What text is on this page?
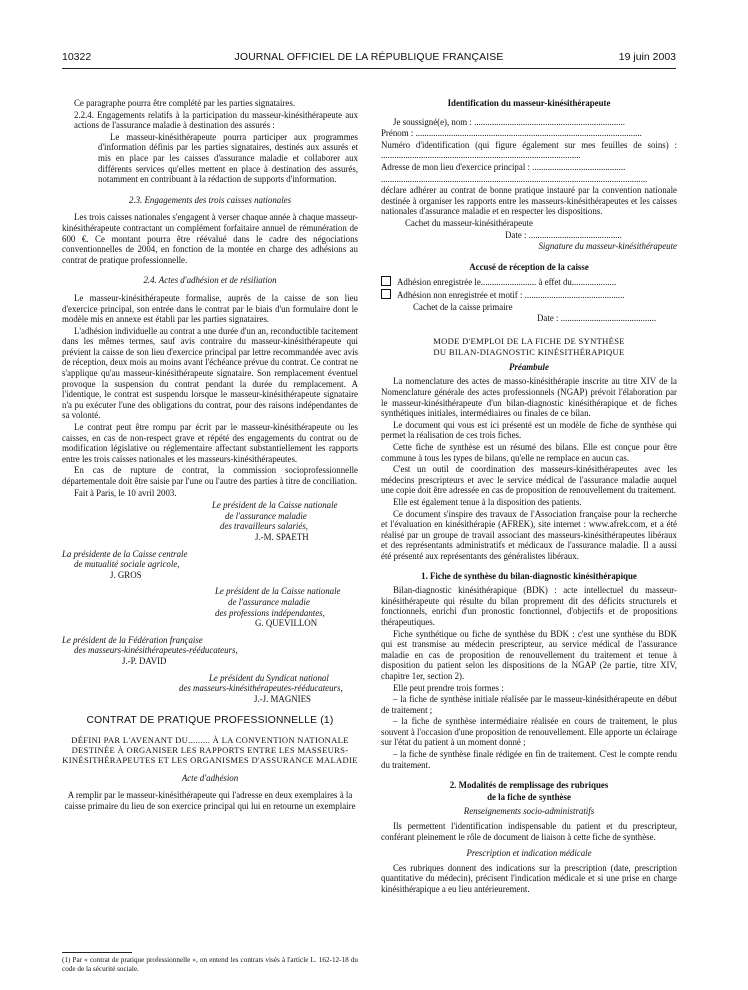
10322	JOURNAL OFFICIEL DE LA RÉPUBLIQUE FRANÇAISE	19 juin 2003

Ce paragraphe pourra être complété par les parties signataires.

2.2.4. Engagements relatifs à la participation du masseur-kinésithérapeute aux actions de l'assurance maladie à destination des assurés :

Le masseur-kinésithérapeute pourra participer aux programmes d'information définis par les parties signataires, destinés aux assurés et mis en place par les caisses d'assurance maladie et collaborer aux différents services qu'elles mettent en place à destination des assurés, notamment en contribuant à la rédaction de supports d'information.

2.3. Engagements des trois caisses nationales

Les trois caisses nationales s'engagent à verser chaque année à chaque masseur-kinésithérapeute contractant un complément forfaitaire annuel de rémunération de 600 €. Ce montant pourra être réévalué dans le cadre des négociations conventionnelles de 2004, en fonction de la montée en charge des adhésions au contrat de pratique professionnelle.

2.4. Actes d'adhésion et de résiliation

Le masseur-kinésithérapeute formalise, auprès de la caisse de son lieu d'exercice principal, son entrée dans le contrat par le biais d'un formulaire dont le modèle mis en annexe est établi par les parties signataires.

L'adhésion individuelle au contrat a une durée d'un an, reconductible tacitement dans les mêmes termes, sauf avis contraire du masseur-kinésithérapeute qui prévient la caisse de son lieu d'exercice principal par lettre recommandée avec avis de réception, deux mois au moins avant l'échéance prévue du contrat. Ce contrat ne s'applique qu'au masseur-kinésithérapeute signataire. Son remplacement éventuel provoque la suspension du contrat pendant la durée du remplacement. A l'identique, le contrat est suspendu lorsque le masseur-kinésithérapeute signataire n'a pu exécuter l'une des obligations du contrat, pour des raisons indépendantes de sa volonté.

Le contrat peut être rompu par écrit par le masseur-kinésithérapeute ou les caisses, en cas de non-respect grave et répété des engagements du contrat ou de modification législative ou réglementaire affectant substantiellement les rapports entre les trois caisses nationales et les masseurs-kinésithérapeutes.

En cas de rupture de contrat, la commission socioprofessionnelle départementale doit être saisie par l'une ou l'autre des parties à titre de conciliation.

Fait à Paris, le 10 avril 2003.

Le président de la Caisse nationale
de l'assurance maladie
des travailleurs salariés,
J.-M. SPAETH
La présidente de la Caisse centrale
de mutualité sociale agricole,
J. GROS
Le président de la Caisse nationale
de l'assurance maladie
des professions indépendantes,
G. QUEVILLON
Le président de la Fédération française
des masseurs-kinésithérapeutes-rééducateurs,
J.-P. DAVID
Le président du Syndicat national
des masseurs-kinésithérapeutes-rééducateurs,
J.-J. MAGNIES

CONTRAT DE PRATIQUE PROFESSIONNELLE (1)

DÉFINI PAR L'AVENANT DU......... À LA CONVENTION NATIONALE DESTINÉE À ORGANISER LES RAPPORTS ENTRE LES MASSEURS-KINÉSITHÉRAPEUTES ET LES ORGANISMES D'ASSURANCE MALADIE

Acte d'adhésion

A remplir par le masseur-kinésithérapeute qui l'adresse en deux exemplaires à la caisse primaire du lieu de son exercice principal qui lui en retourne un exemplaire

(1) Par « contrat de pratique professionnelle », on entend les contrats visés à l'article L. 162-12-18 du code de la sécurité sociale.

Identification du masseur-kinésithérapeute

Je soussigné(e), nom : ....................................................................

Prénom : ......................................................................................................

Numéro d'identification (qui figure également sur mes feuilles de soins) : ..........................................................................................

Adresse de mon lieu d'exercice principal : ..........................................

........................................................................................................................

déclare adhérer au contrat de bonne pratique instauré par la convention nationale destinée à organiser les rapports entre les masseurs-kinésithérapeutes et les caisses nationales d'assurance maladie et en respecter les dispositions.

Cachet du masseur-kinésithérapeute

Date : ..........................................

Signature du masseur-kinésithérapeute

Accusé de réception de la caisse

Adhésion enregistrée le......................... à effet du....................

Adhésion non enregistrée et motif : .............................................

Cachet de la caisse primaire

Date : ...........................................

MODE D'EMPLOI DE LA FICHE DE SYNTHÈSE

DU BILAN-DIAGNOSTIC KINÉSITHÉRAPIQUE

Préambule

La nomenclature des actes de masso-kinésithérapie inscrite au titre XIV de la Nomenclature générale des actes professionnels (NGAP) prévoit l'élaboration par le masseur-kinésithérapeute d'un bilan-diagnostic kinésithérapique et de fiches synthétiques initiales, intermédiaires ou finales de ce bilan.

Le document qui vous est ici présenté est un modèle de fiche de synthèse qui permet la réalisation de ces trois fiches.

Cette fiche de synthèse est un résumé des bilans. Elle est conçue pour être commune à tous les types de bilans, qu'elle ne remplace en aucun cas.

C'est un outil de coordination des masseurs-kinésithérapeutes avec les médecins prescripteurs et avec le service médical de l'assurance maladie auquel une copie doit être adressée en cas de proposition de renouvellement du traitement.

Elle est également tenue à la disposition des patients.

Ce document s'inspire des travaux de l'Association française pour la recherche et l'évaluation en kinésithérapie (AFREK), site internet : www.afrek.com, et a été réalisé par un groupe de travail associant des masseurs-kinésithérapeutes libéraux et des représentants administratifs et médicaux de l'assurance maladie. Il a aussi été présenté aux représentants des généralistes libéraux.

1. Fiche de synthèse du bilan-diagnostic kinésithérapique

Bilan-diagnostic kinésithérapique (BDK) : acte intellectuel du masseur-kinésithérapeute qui résulte du bilan proprement dit des déficits structurels et fonctionnels, enrichi d'un pronostic fonctionnel, d'objectifs et de propositions thérapeutiques.

Fiche synthétique ou fiche de synthèse du BDK : c'est une synthèse du BDK qui est transmise au médecin prescripteur, au service médical de l'assurance maladie en cas de proposition de renouvellement du traitement et tenue à disposition du patient selon les dispositions de la NGAP (2e partie, titre XIV, chapitre 1er, section 2).

Elle peut prendre trois formes :

– la fiche de synthèse initiale réalisée par le masseur-kinésithérapeute en début de traitement ;

– la fiche de synthèse intermédiaire réalisée en cours de traitement, le plus souvent à l'occasion d'une proposition de renouvellement. Elle apporte un éclairage sur l'état du patient à un moment donné ;

– la fiche de synthèse finale rédigée en fin de traitement. C'est le compte rendu du traitement.

2. Modalités de remplissage des rubriques

de la fiche de synthèse

Renseignements socio-administratifs

Ils permettent l'identification indispensable du patient et du prescripteur, conférant pleinement le rôle de document de liaison à cette fiche de synthèse.

Prescription et indication médicale

Ces rubriques donnent des indications sur la prescription (date, prescription quantitative du médecin), précisent l'indication médicale et si une prise en charge kinésithérapique a eu lieu antérieurement.
